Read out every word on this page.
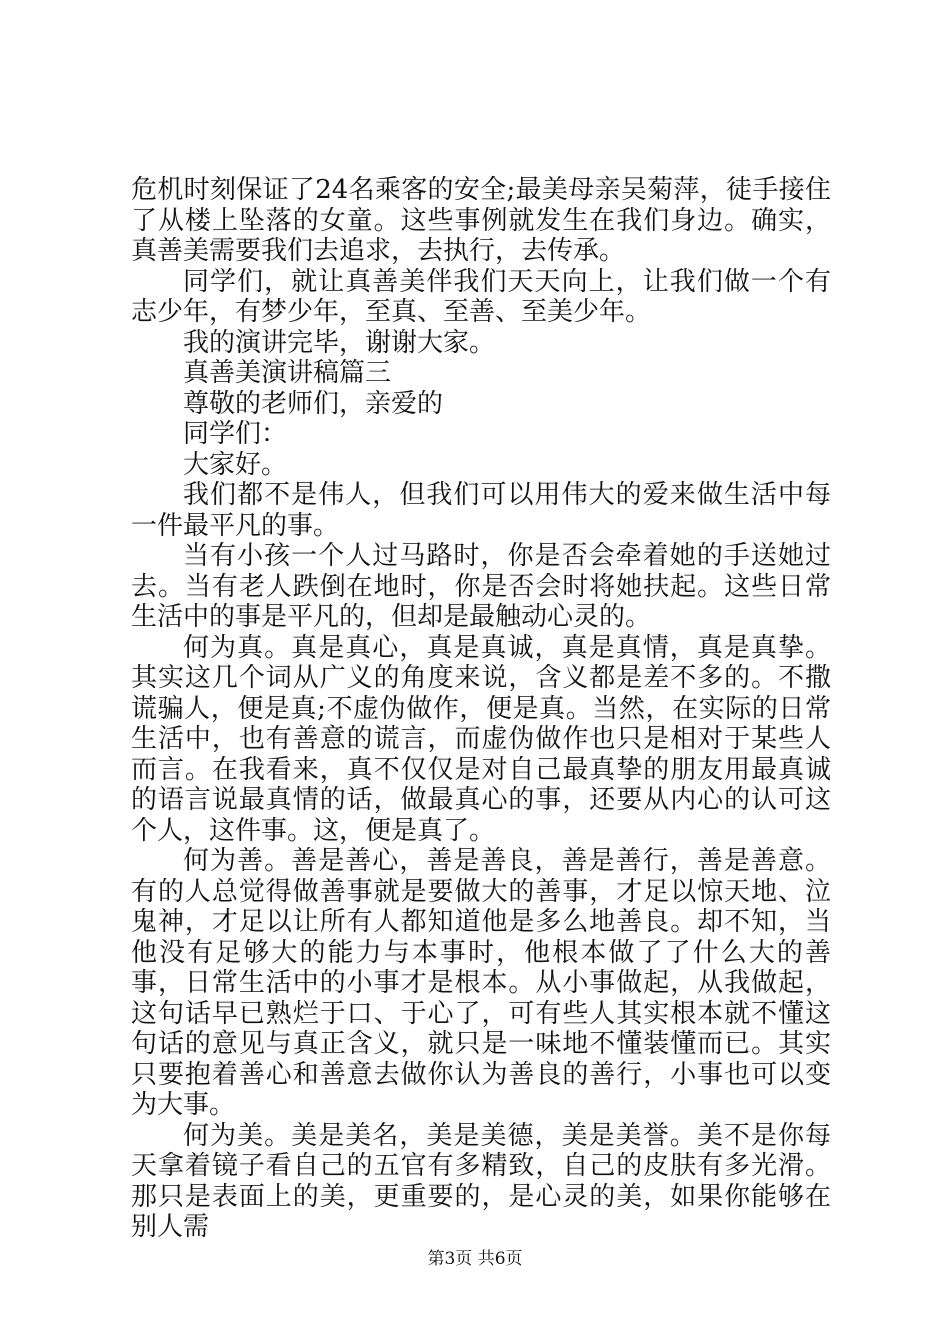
危机时刻保证了24名乘客的安全;最美母亲吴菊萍，徒手接住了从楼上坠落的女童。这些事例就发生在我们身边。确实，真善美需要我们去追求，去执行，去传承。

同学们，就让真善美伴我们天天向上，让我们做一个有志少年，有梦少年，至真、至善、至美少年。

我的演讲完毕，谢谢大家。

真善美演讲稿篇三

尊敬的老师们，亲爱的

同学们：

大家好。

我们都不是伟人，但我们可以用伟大的爱来做生活中每一件最平凡的事。

当有小孩一个人过马路时，你是否会牵着她的手送她过去。当有老人跌倒在地时，你是否会时将她扶起。这些日常生活中的事是平凡的，但却是最触动心灵的。

何为真。真是真心，真是真诚，真是真情，真是真挚。其实这几个词从广义的角度来说，含义都是差不多的。不撒谎骗人，便是真;不虚伪做作，便是真。当然，在实际的日常生活中，也有善意的谎言，而虚伪做作也只是相对于某些人而言。在我看来，真不仅仅是对自己最真挚的朋友用最真诚的语言说最真情的话，做最真心的事，还要从内心的认可这个人，这件事。这，便是真了。

何为善。善是善心，善是善良，善是善行，善是善意。有的人总觉得做善事就是要做大的善事，才足以惊天地、泣鬼神，才足以让所有人都知道他是多么地善良。却不知，当他没有足够大的能力与本事时，他根本做了了什么大的善事，日常生活中的小事才是根本。从小事做起，从我做起，这句话早已熟烂于口、于心了，可有些人其实根本就不懂这句话的意见与真正含义，就只是一味地不懂装懂而已。其实只要抱着善心和善意去做你认为善良的善行，小事也可以变为大事。

何为美。美是美名，美是美德，美是美誉。美不是你每天拿着镜子看自己的五官有多精致，自己的皮肤有多光滑。那只是表面上的美，更重要的，是心灵的美，如果你能够在别人需

第3页 共6页
